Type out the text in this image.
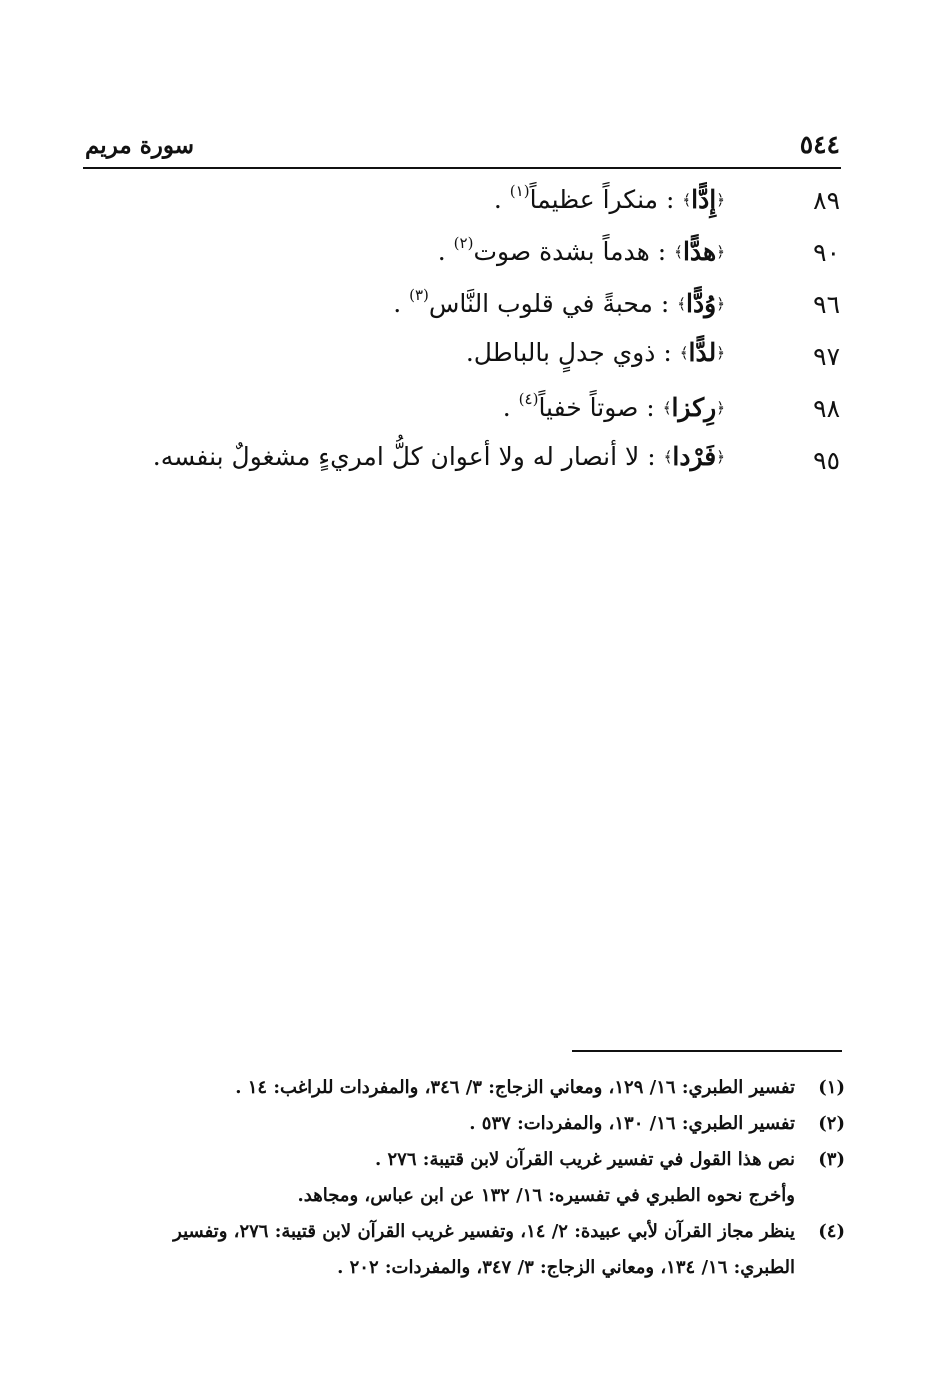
٥٤٤
سورة مريم
٨٩
﴿إِدًّا﴾ : منكراً عظيماً$^{(١)}$ .
٩٠
﴿هدًّا﴾ : هدماً بشدة صوت$^{(٢)}$ .
٩٦
﴿وُدًّا﴾ : محبةً في قلوب النَّاس$^{(٣)}$ .
٩٧
﴿لدًّا﴾ : ذوي جدلٍ بالباطل.
٩٨
﴿رِكزا﴾ : صوتاً خفياً$^{(٤)}$ .
٩٥
﴿فَرْدا﴾ : لا أنصار له ولا أعوان كلُّ امريءٍ مشغولٌ بنفسه.
(١)
تفسير الطبري: ١٦/ ١٢٩، ومعاني الزجاج: ٣/ ٣٤٦، والمفردات للراغب: ١٤ .
(٢)
تفسير الطبري: ١٦/ ١٣٠، والمفردات: ٥٣٧ .
(٣)
نص هذا القول في تفسير غريب القرآن لابن قتيبة: ٢٧٦ .
وأخرج نحوه الطبري في تفسيره: ١٦/ ١٣٢ عن ابن عباس، ومجاهد.
(٤)
ينظر مجاز القرآن لأبي عبيدة: ٢/ ١٤، وتفسير غريب القرآن لابن قتيبة: ٢٧٦، وتفسير
الطبري: ١٦/ ١٣٤، ومعاني الزجاج: ٣/ ٣٤٧، والمفردات: ٢٠٢ .
